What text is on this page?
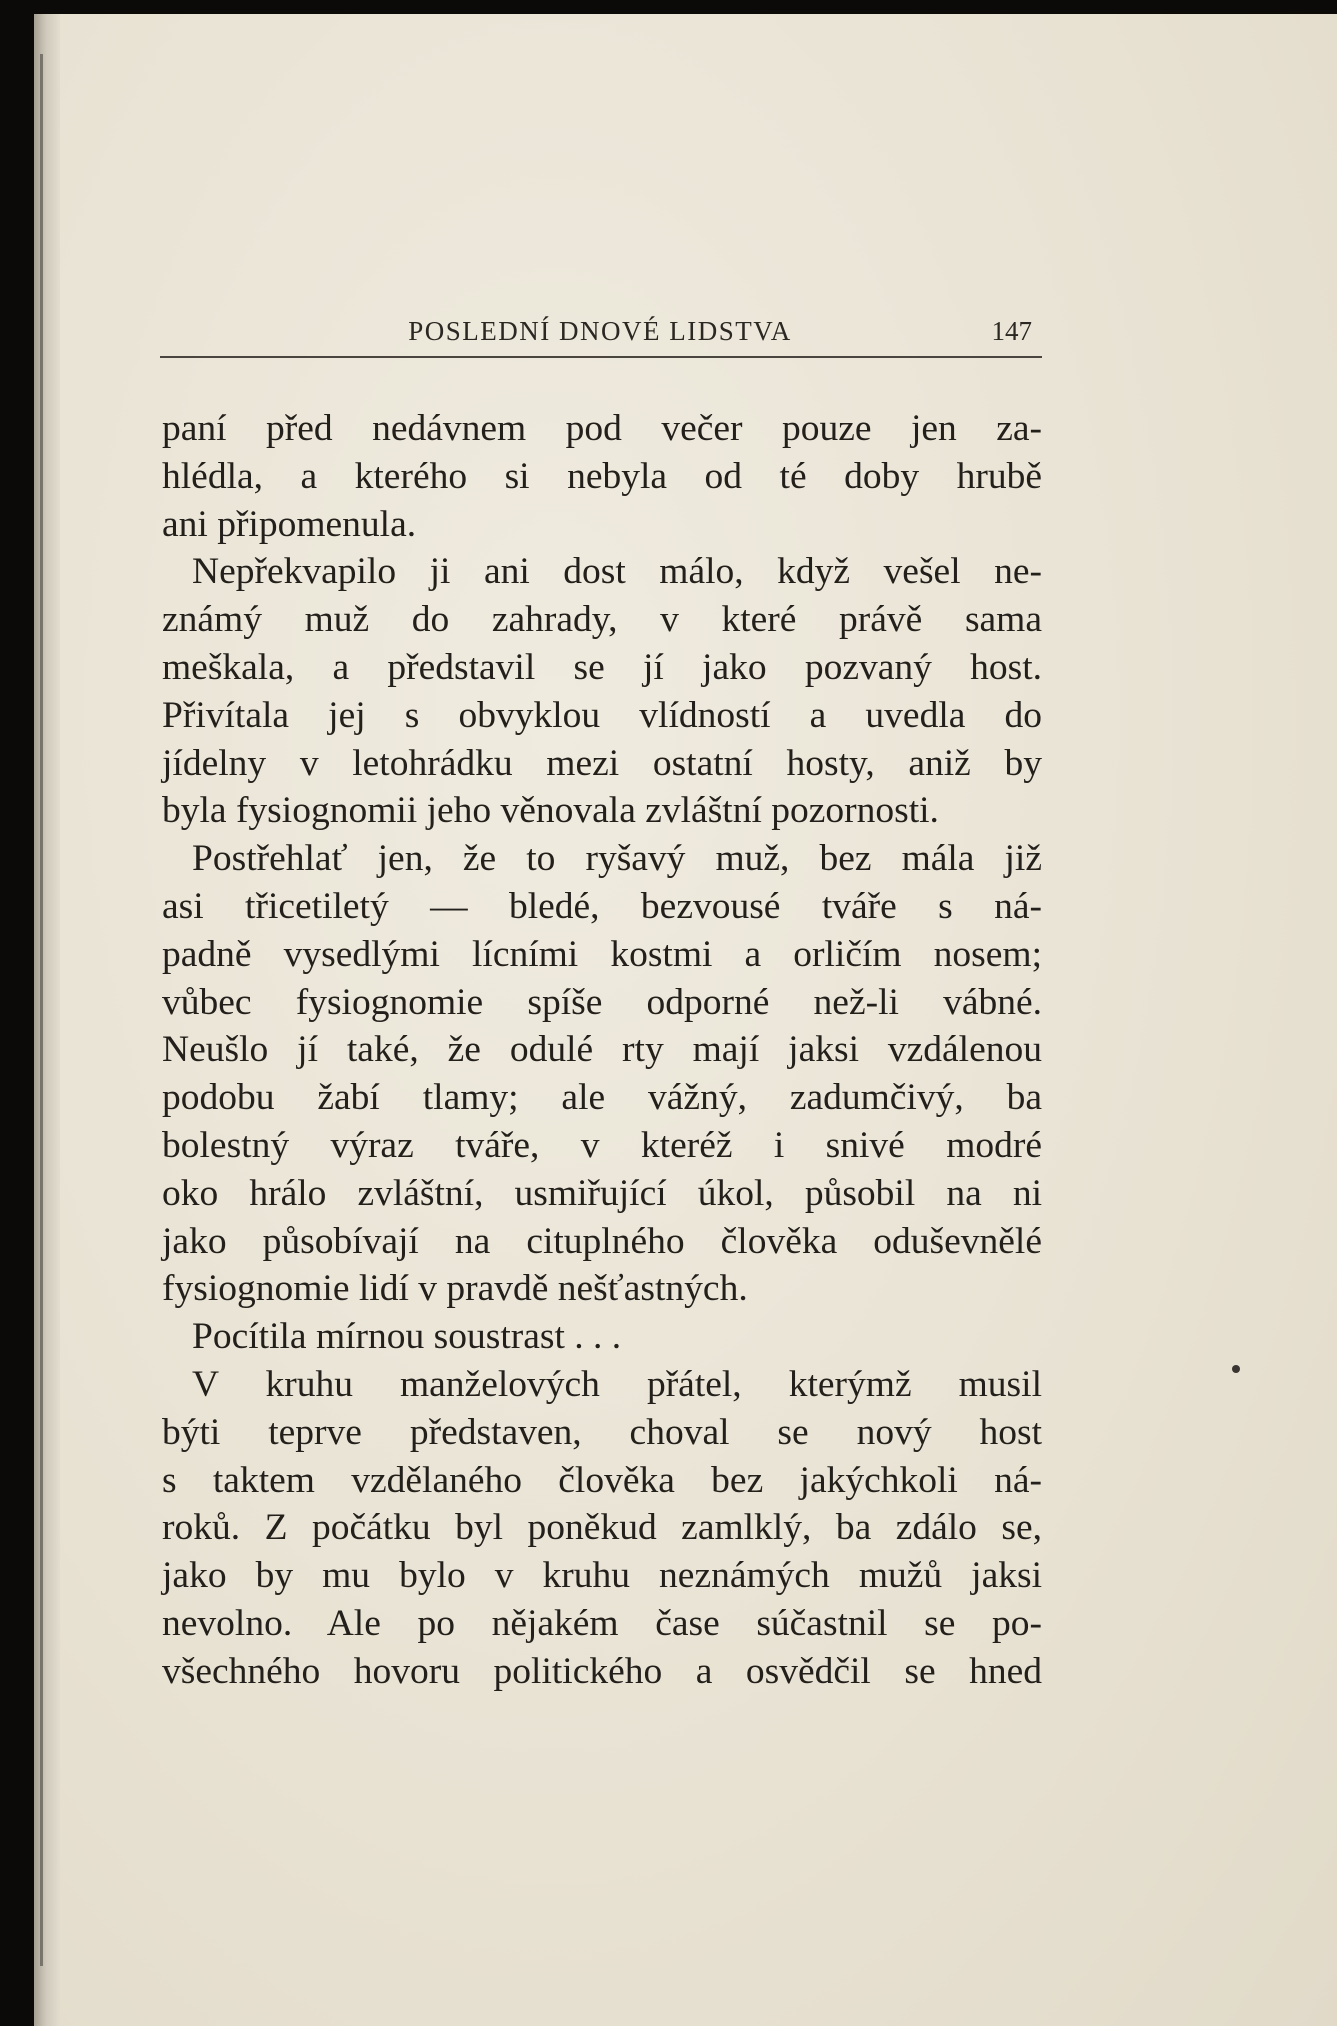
POSLEDNÍ DNOVÉ LIDSTVA	147
paní před nedávnem pod večer pouze jen za-
hlédla, a kterého si nebyla od té doby hrubě
ani připomenula.
Nepřekvapilo ji ani dost málo, když vešel ne-
známý muž do zahrady, v které právě sama
meškala, a představil se jí jako pozvaný host.
Přivítala jej s obvyklou vlídností a uvedla do
jídelny v letohrádku mezi ostatní hosty, aniž by
byla fysiognomii jeho věnovala zvláštní pozornosti.
Postřehlať jen, že to ryšavý muž, bez mála již
asi třicetiletý — bledé, bezvousé tváře s ná-
padně vysedlými lícními kostmi a orličím nosem;
vůbec fysiognomie spíše odporné než-li vábné.
Neušlo jí také, že odulé rty mají jaksi vzdálenou
podobu žabí tlamy; ale vážný, zadumčivý, ba
bolestný výraz tváře, v kteréž i snivé modré
oko hrálo zvláštní, usmiřující úkol, působil na ni
jako působívají na cituplného člověka oduševnělé
fysiognomie lidí v pravdě nešťastných.
Pocítila mírnou soustrast . . .
V kruhu manželových přátel, kterýmž musil
býti teprve představen, choval se nový host
s taktem vzdělaného člověka bez jakýchkoli ná-
roků. Z počátku byl poněkud zamlklý, ba zdálo se,
jako by mu bylo v kruhu neznámých mužů jaksi
nevolno. Ale po nějakém čase súčastnil se po-
všechného hovoru politického a osvědčil se hned
